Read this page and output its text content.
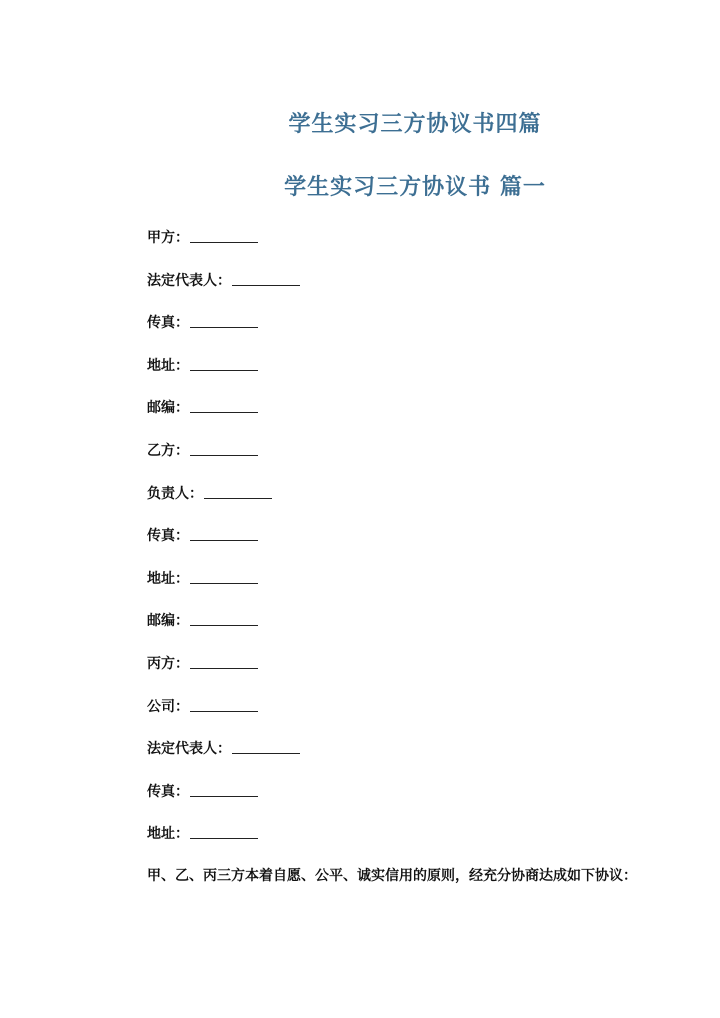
学生实习三方协议书四篇
学生实习三方协议书 篇一
甲方：
法定代表人：
传真：
地址：
邮编：
乙方：
负责人：
传真：
地址：
邮编：
丙方：
公司：
法定代表人：
传真：
地址：
甲、乙、丙三方本着自愿、公平、诚实信用的原则，经充分协商达成如下协议：
